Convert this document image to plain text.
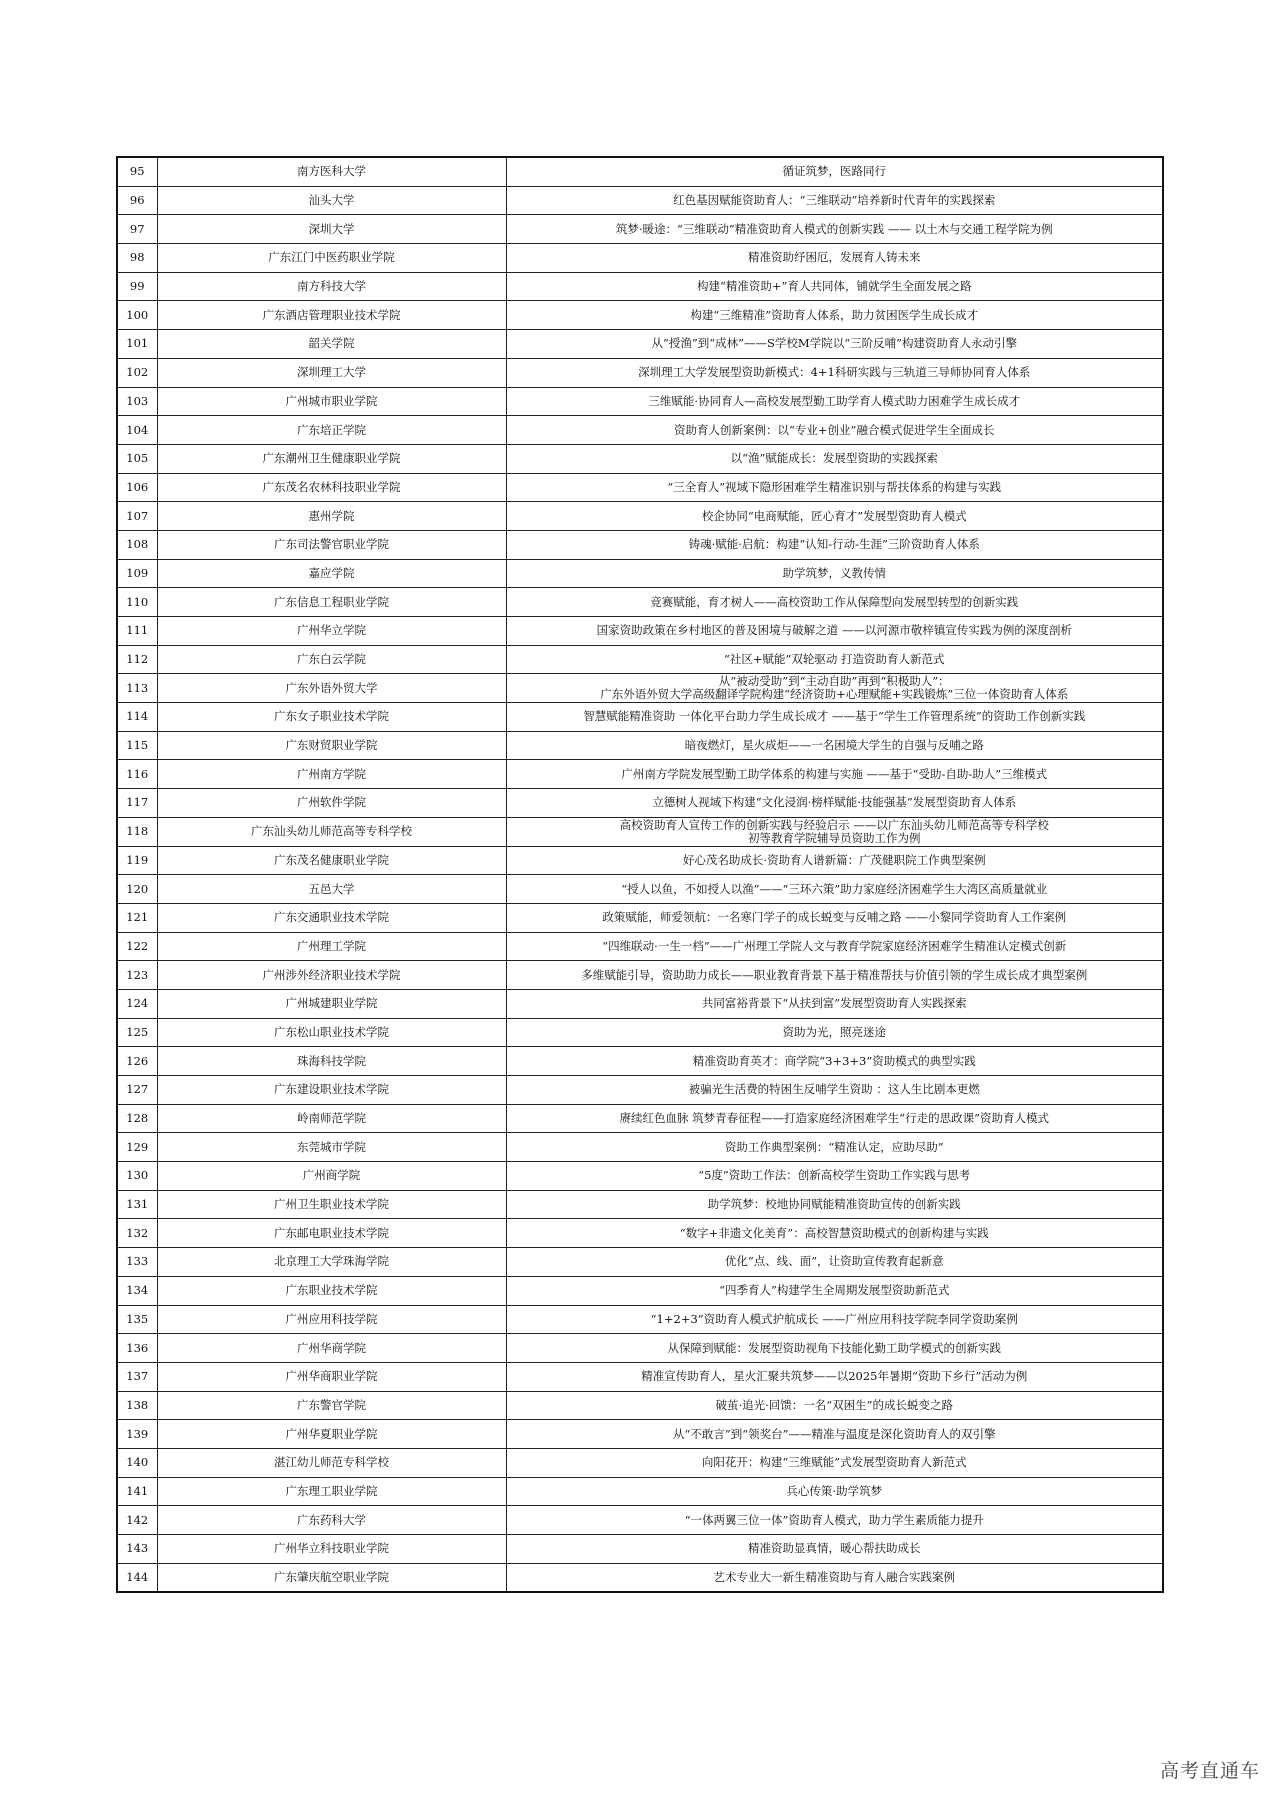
95	南方医科大学	循证筑梦，医路同行
96	汕头大学	红色基因赋能资助育人：“三维联动”培养新时代青年的实践探索
97	深圳大学	筑梦·暖途：“三维联动”精准资助育人模式的创新实践 —— 以土木与交通工程学院为例
98	广东江门中医药职业学院	精准资助纾困厄，发展育人铸未来
99	南方科技大学	构建“精准资助+”育人共同体，铺就学生全面发展之路
100	广东酒店管理职业技术学院	构建“三维精准”资助育人体系，助力贫困医学生成长成才
101	韶关学院	从“授渔”到“成林”——S学校M学院以“三阶反哺”构建资助育人永动引擎
102	深圳理工大学	深圳理工大学发展型资助新模式：4+1科研实践与三轨道三导师协同育人体系
103	广州城市职业学院	三维赋能·协同育人—高校发展型勤工助学育人模式助力困难学生成长成才
104	广东培正学院	资助育人创新案例：以“专业+创业”融合模式促进学生全面成长
105	广东潮州卫生健康职业学院	以“渔”赋能成长：发展型资助的实践探索
106	广东茂名农林科技职业学院	“三全育人”视域下隐形困难学生精准识别与帮扶体系的构建与实践
107	惠州学院	校企协同“电商赋能，匠心育才”发展型资助育人模式
108	广东司法警官职业学院	铸魂·赋能·启航：构建“认知-行动-生涯”三阶资助育人体系
109	嘉应学院	助学筑梦，义教传情
110	广东信息工程职业学院	竞赛赋能，育才树人——高校资助工作从保障型向发展型转型的创新实践
111	广州华立学院	国家资助政策在乡村地区的普及困境与破解之道 ——以河源市敬梓镇宣传实践为例的深度剖析
112	广东白云学院	“社区+赋能”双轮驱动 打造资助育人新范式
113	广东外语外贸大学	从“被动受助”到“主动自助”再到“积极助人”：
广东外语外贸大学高级翻译学院构建“经济资助+心理赋能+实践锻炼”三位一体资助育人体系
114	广东女子职业技术学院	智慧赋能精准资助 一体化平台助力学生成长成才 ——基于“学生工作管理系统”的资助工作创新实践
115	广东财贸职业学院	暗夜燃灯，星火成炬——一名困境大学生的自强与反哺之路
116	广州南方学院	广州南方学院发展型勤工助学体系的构建与实施 ——基于“受助-自助-助人”三维模式
117	广州软件学院	立德树人视域下构建“文化浸润·榜样赋能·技能强基”发展型资助育人体系
118	广东汕头幼儿师范高等专科学校	高校资助育人宣传工作的创新实践与经验启示 ——以广东汕头幼儿师范高等专科学校
初等教育学院辅导员资助工作为例
119	广东茂名健康职业学院	好心茂名助成长·资助育人谱新篇：广茂健职院工作典型案例
120	五邑大学	“授人以鱼，不如授人以渔”——“三环六策”助力家庭经济困难学生大湾区高质量就业
121	广东交通职业技术学院	政策赋能，师爱领航：一名寒门学子的成长蜕变与反哺之路 ——小黎同学资助育人工作案例
122	广州理工学院	“四维联动·一生一档”——广州理工学院人文与教育学院家庭经济困难学生精准认定模式创新
123	广州涉外经济职业技术学院	多维赋能引导，资助助力成长——职业教育背景下基于精准帮扶与价值引领的学生成长成才典型案例
124	广州城建职业学院	共同富裕背景下“从扶到富”发展型资助育人实践探索
125	广东松山职业技术学院	资助为光，照亮迷途
126	珠海科技学院	精准资助育英才：商学院“3+3+3”资助模式的典型实践
127	广东建设职业技术学院	被骗光生活费的特困生反哺学生资助 ：这人生比剧本更燃
128	岭南师范学院	赓续红色血脉 筑梦青春征程——打造家庭经济困难学生“行走的思政课”资助育人模式
129	东莞城市学院	资助工作典型案例：“精准认定，应助尽助”
130	广州商学院	“5度”资助工作法：创新高校学生资助工作实践与思考
131	广州卫生职业技术学院	助学筑梦：校地协同赋能精准资助宣传的创新实践
132	广东邮电职业技术学院	“数字+非遗文化美育”：高校智慧资助模式的创新构建与实践
133	北京理工大学珠海学院	优化“点、线、面”，让资助宣传教育起新意
134	广东职业技术学院	“四季育人”构建学生全周期发展型资助新范式
135	广州应用科技学院	“1+2+3”资助育人模式护航成长 ——广州应用科技学院李同学资助案例
136	广州华商学院	从保障到赋能：发展型资助视角下技能化勤工助学模式的创新实践
137	广州华商职业学院	精准宣传助育人，星火汇聚共筑梦——以2025年暑期“资助下乡行”活动为例
138	广东警官学院	破茧·追光·回馈：一名“双困生”的成长蜕变之路
139	广州华夏职业学院	从“不敢言”到“领奖台”——精准与温度是深化资助育人的双引擎
140	湛江幼儿师范专科学校	向阳花开：构建“三维赋能”式发展型资助育人新范式
141	广东理工职业学院	兵心传策·助学筑梦
142	广东药科大学	“一体两翼三位一体”资助育人模式，助力学生素质能力提升
143	广州华立科技职业学院	精准资助显真情，暖心帮扶助成长
144	广东肇庆航空职业学院	艺术专业大一新生精准资助与育人融合实践案例
高考直通车
